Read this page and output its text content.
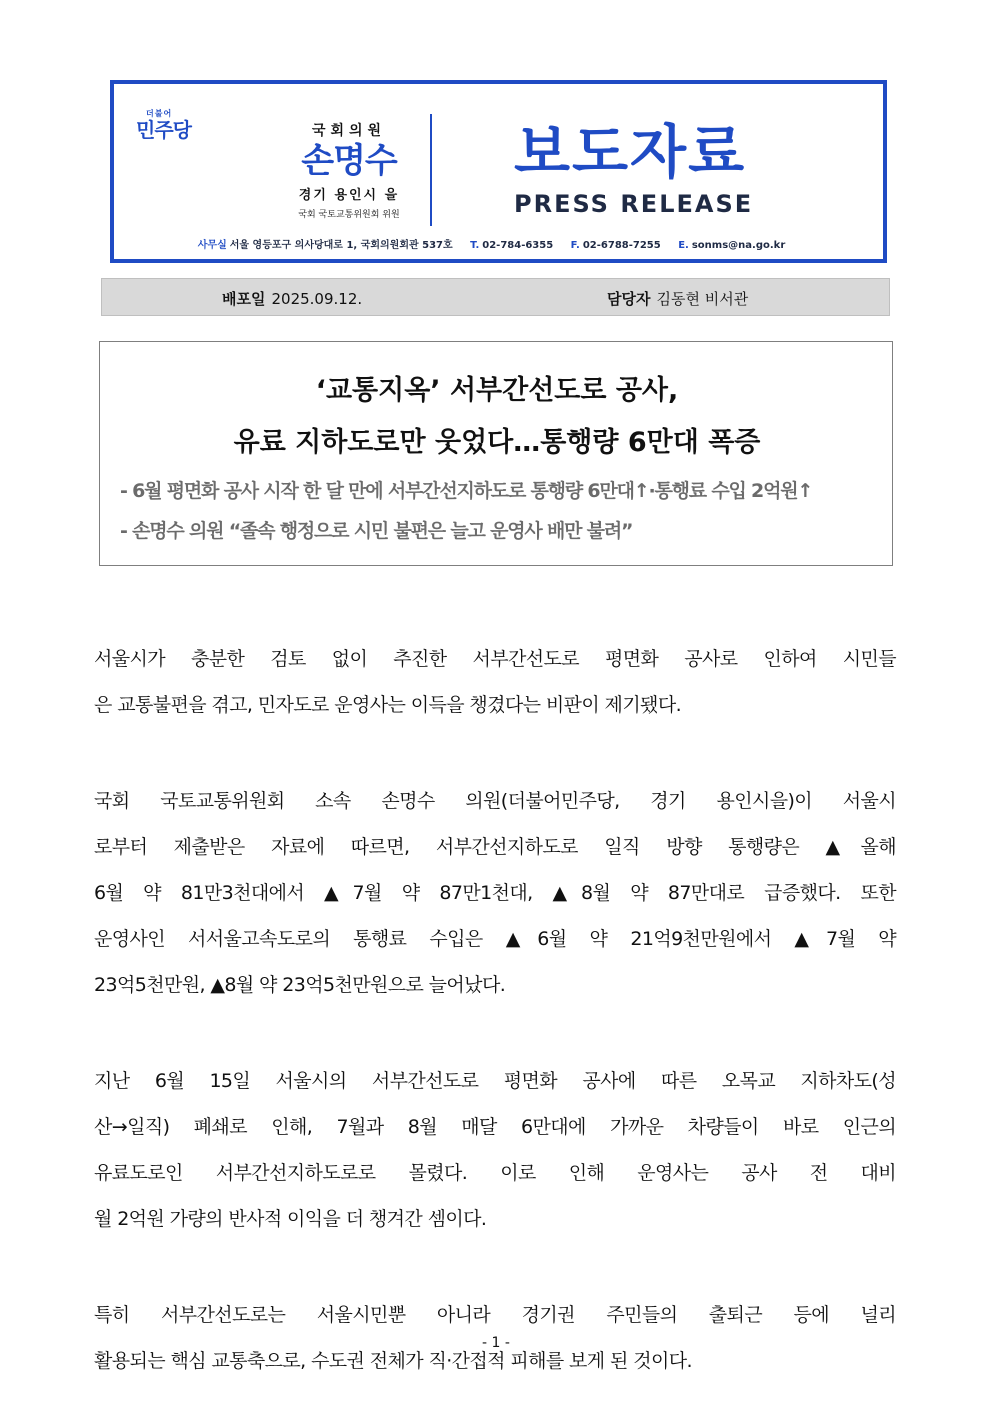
더불어
민주당	국회의원
손명수
경기 용인시 을
국회 국토교통위원회 위원
보도자료
PRESS RELEASE
사무실 서울 영등포구 의사당대로 1, 국회의원회관 537호 T. 02-784-6355 F. 02-6788-7255 E. sonms@na.go.kr
배포일 2025.09.12.	담당자 김동현 비서관
‘교통지옥’ 서부간선도로 공사,
유료 지하도로만 웃었다…통행량 6만대 폭증
- 6월 평면화 공사 시작 한 달 만에 서부간선지하도로 통행량 6만대↑·통행료 수입 2억원↑
- 손명수 의원 “졸속 행정으로 시민 불편은 늘고 운영사 배만 불려”
서울시가 충분한 검토 없이 추진한 서부간선도로 평면화 공사로 인하여 시민들
은 교통불편을 겪고, 민자도로 운영사는 이득을 챙겼다는 비판이 제기됐다.
국회 국토교통위원회 소속 손명수 의원(더불어민주당, 경기 용인시을)이 서울시
로부터 제출받은 자료에 따르면, 서부간선지하도로 일직 방향 통행량은 ▲올해
6월 약 81만3천대에서 ▲7월 약 87만1천대, ▲8월 약 87만대로 급증했다. 또한
운영사인 서서울고속도로의 통행료 수입은 ▲6월 약 21억9천만원에서 ▲7월 약
23억5천만원, ▲8월 약 23억5천만원으로 늘어났다.
지난 6월 15일 서울시의 서부간선도로 평면화 공사에 따른 오목교 지하차도(성
산→일직) 폐쇄로 인해, 7월과 8월 매달 6만대에 가까운 차량들이 바로 인근의
유료도로인 서부간선지하도로로 몰렸다. 이로 인해 운영사는 공사 전 대비
월 2억원 가량의 반사적 이익을 더 챙겨간 셈이다.
특히 서부간선도로는 서울시민뿐 아니라 경기권 주민들의 출퇴근 등에 널리
활용되는 핵심 교통축으로, 수도권 전체가 직·간접적 피해를 보게 된 것이다.
- 1 -
